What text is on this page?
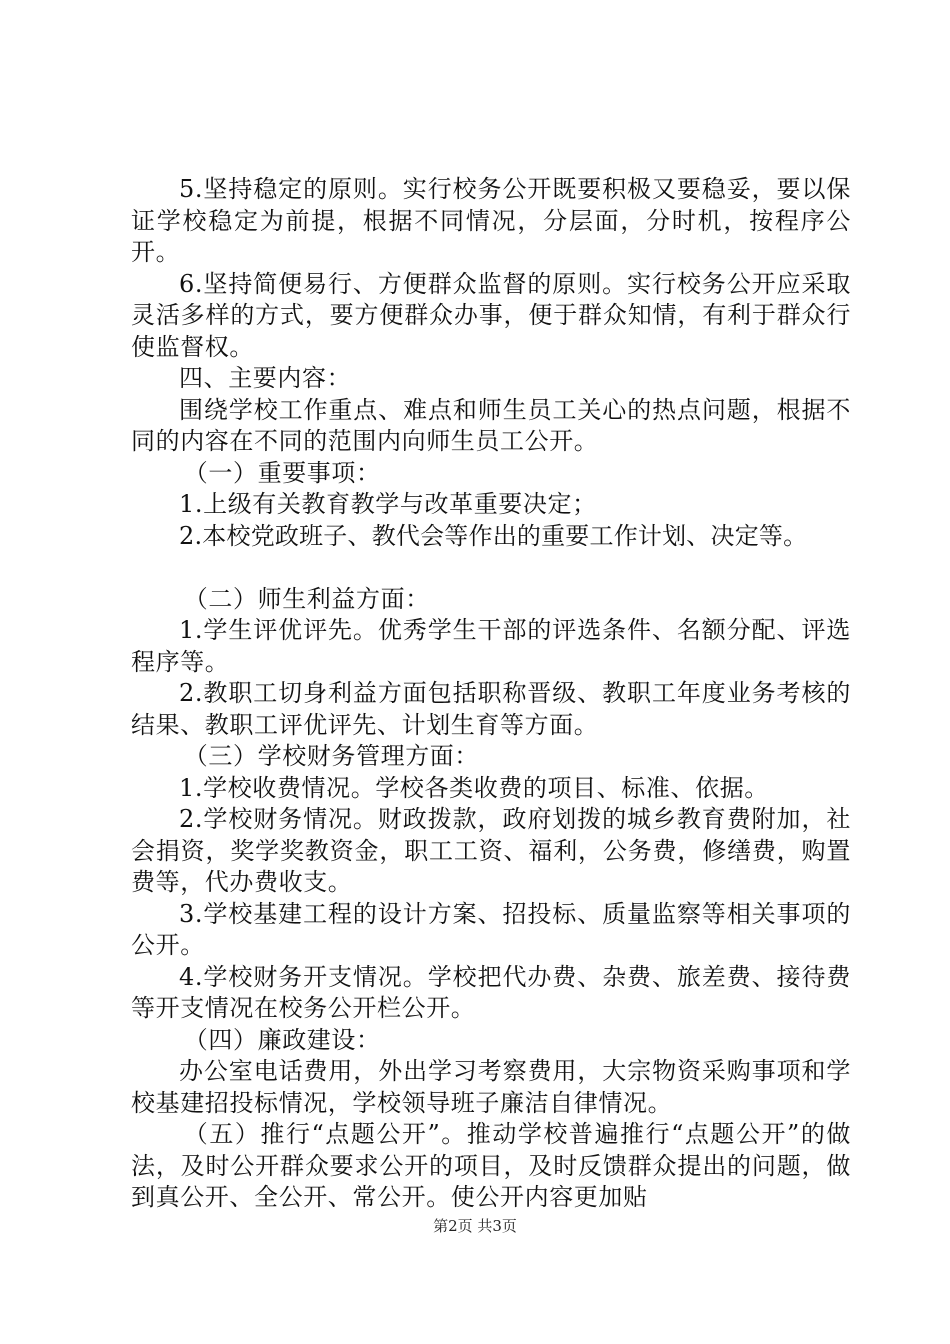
5.坚持稳定的原则。实行校务公开既要积极又要稳妥，要以保证学校稳定为前提，根据不同情况，分层面，分时机，按程序公开。

6.坚持简便易行、方便群众监督的原则。实行校务公开应采取灵活多样的方式，要方便群众办事，便于群众知情，有利于群众行使监督权。

四、主要内容：

围绕学校工作重点、难点和师生员工关心的热点问题，根据不同的内容在不同的范围内向师生员工公开。

（一）重要事项：

1.上级有关教育教学与改革重要决定；

2.本校党政班子、教代会等作出的重要工作计划、决定等。

（二）师生利益方面：

1.学生评优评先。优秀学生干部的评选条件、名额分配、评选程序等。

2.教职工切身利益方面包括职称晋级、教职工年度业务考核的结果、教职工评优评先、计划生育等方面。

（三）学校财务管理方面：

1.学校收费情况。学校各类收费的项目、标准、依据。

2.学校财务情况。财政拨款，政府划拨的城乡教育费附加，社会捐资，奖学奖教资金，职工工资、福利，公务费，修缮费，购置费等，代办费收支。

3.学校基建工程的设计方案、招投标、质量监察等相关事项的公开。

4.学校财务开支情况。学校把代办费、杂费、旅差费、接待费等开支情况在校务公开栏公开。

（四）廉政建设：

办公室电话费用，外出学习考察费用，大宗物资采购事项和学校基建招投标情况，学校领导班子廉洁自律情况。

（五）推行“点题公开”。推动学校普遍推行“点题公开”的做法，及时公开群众要求公开的项目，及时反馈群众提出的问题，做到真公开、全公开、常公开。使公开内容更加贴

第2页 共3页
